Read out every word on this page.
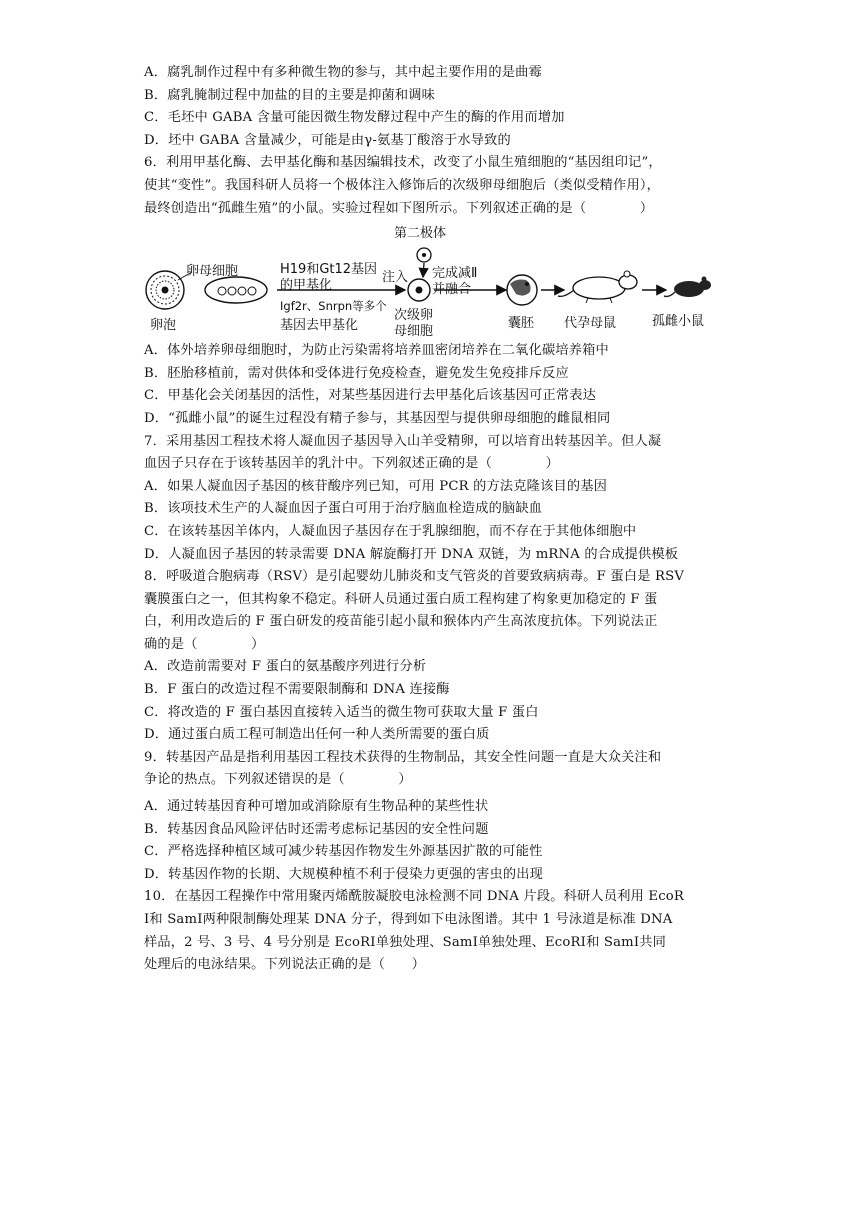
A．腐乳制作过程中有多种微生物的参与，其中起主要作用的是曲霉
B．腐乳腌制过程中加盐的目的主要是抑菌和调味
C．毛坯中 GABA 含量可能因微生物发酵过程中产生的酶的作用而增加
D．坯中 GABA 含量减少，可能是由γ-氨基丁酸溶于水导致的
6．利用甲基化酶、去甲基化酶和基因编辑技术，改变了小鼠生殖细胞的“基因组印记”，
使其“变性”。我国科研人员将一个极体注入修饰后的次级卵母细胞后（类似受精作用），
最终创造出“孤雌生殖”的小鼠。实验过程如下图所示。下列叙述正确的是（　　　　）
第二极体
注入
卵母细胞
卵泡
H19和Gt12基因
的甲基化
Igf2r、Snrpn等多个
基因去甲基化
次级卵
母细胞
完成减Ⅱ
并融合
囊胚 代孕母鼠	孤雌小鼠
A．体外培养卵母细胞时，为防止污染需将培养皿密闭培养在二氧化碳培养箱中
B．胚胎移植前，需对供体和受体进行免疫检查，避免发生免疫排斥反应
C．甲基化会关闭基因的活性，对某些基因进行去甲基化后该基因可正常表达
D．“孤雌小鼠”的诞生过程没有精子参与，其基因型与提供卵母细胞的雌鼠相同
7．采用基因工程技术将人凝血因子基因导入山羊受精卵，可以培育出转基因羊。但人凝
血因子只存在于该转基因羊的乳汁中。下列叙述正确的是（　　　　）
A．如果人凝血因子基因的核苷酸序列已知，可用 PCR 的方法克隆该目的基因
B．该项技术生产的人凝血因子蛋白可用于治疗脑血栓造成的脑缺血
C．在该转基因羊体内，人凝血因子基因存在于乳腺细胞，而不存在于其他体细胞中
D．人凝血因子基因的转录需要 DNA 解旋酶打开 DNA 双链，为 mRNA 的合成提供模板
8．呼吸道合胞病毒（RSV）是引起婴幼儿肺炎和支气管炎的首要致病病毒。F 蛋白是 RSV
囊膜蛋白之一，但其构象不稳定。科研人员通过蛋白质工程构建了构象更加稳定的 F 蛋
白，利用改造后的 F 蛋白研发的疫苗能引起小鼠和猴体内产生高浓度抗体。下列说法正
确的是（　　　　）
A．改造前需要对 F 蛋白的氨基酸序列进行分析
B．F 蛋白的改造过程不需要限制酶和 DNA 连接酶
C．将改造的 F 蛋白基因直接转入适当的微生物可获取大量 F 蛋白
D．通过蛋白质工程可制造出任何一种人类所需要的蛋白质
9．转基因产品是指利用基因工程技术获得的生物制品，其安全性问题一直是大众关注和
争论的热点。下列叙述错误的是（　　　　）
A．通过转基因育种可增加或消除原有生物品种的某些性状
B．转基因食品风险评估时还需考虑标记基因的安全性问题
C．严格选择种植区域可减少转基因作物发生外源基因扩散的可能性
D．转基因作物的长期、大规模种植不利于侵染力更强的害虫的出现
10．在基因工程操作中常用聚丙烯酰胺凝胶电泳检测不同 DNA 片段。科研人员利用 EcoR
Ⅰ和 SamⅠ两种限制酶处理某 DNA 分子，得到如下电泳图谱。其中 1 号泳道是标准 DNA
样品，2 号、3 号、4 号分别是 EcoRⅠ单独处理、SamⅠ单独处理、EcoRⅠ和 SamⅠ共同
处理后的电泳结果。下列说法正确的是（　　）
